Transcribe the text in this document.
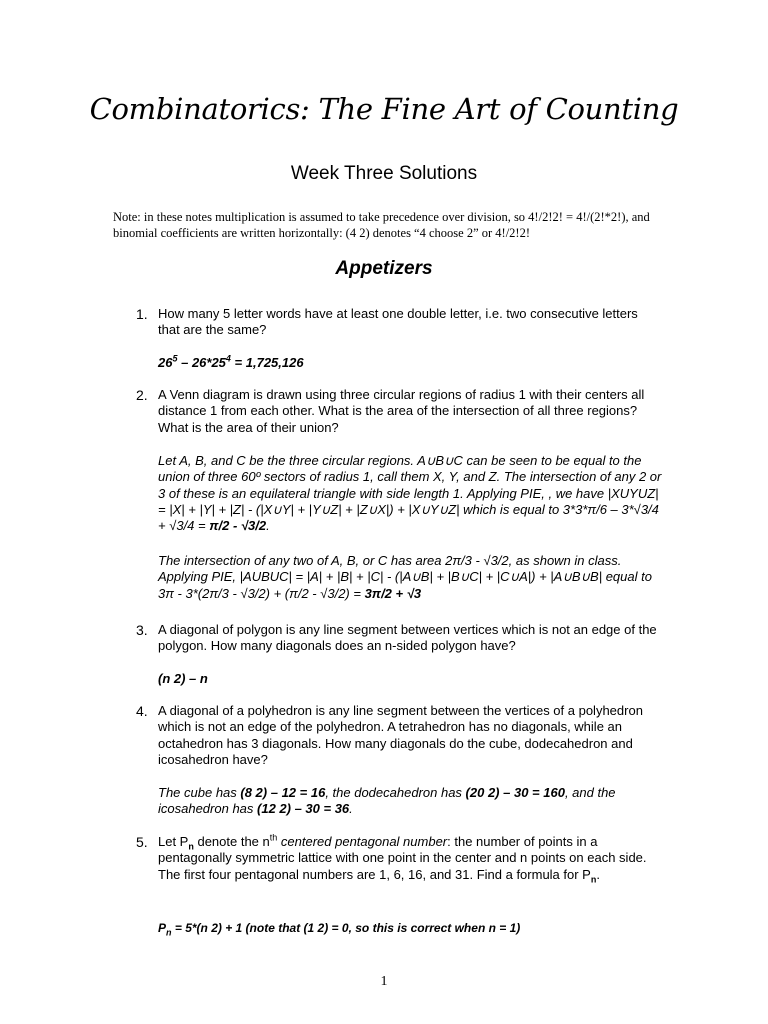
Combinatorics: The Fine Art of Counting
Week Three Solutions
Note: in these notes multiplication is assumed to take precedence over division, so 4!/2!2! = 4!/(2!*2!), and binomial coefficients are written horizontally: (4 2) denotes “4 choose 2” or 4!/2!2!
Appetizers
1. How many 5 letter words have at least one double letter, i.e. two consecutive letters that are the same?
$26^5 - 26*25^4 = 1,725,126$
2. A Venn diagram is drawn using three circular regions of radius 1 with their centers all distance 1 from each other. What is the area of the intersection of all three regions? What is the area of their union?
Let A, B, and C be the three circular regions. A∪B∪C can be seen to be equal to the union of three 60º sectors of radius 1, call them X, Y, and Z. The intersection of any 2 or 3 of these is an equilateral triangle with side length 1. Applying PIE, , we have |XUYUZ| = |X| + |Y| + |Z| - (|X∪Y| + |Y∪Z| + |Z∪X|) + |X∪Y∪Z| which is equal to 3*3*π/6 – 3*√3/4 + √3/4 = π/2 - √3/2.
The intersection of any two of A, B, or C has area 2π/3 - √3/2, as shown in class. Applying PIE, |AUBUC| = |A| + |B| + |C| - (|A∪B| + |B∪C| + |C∪A|) + |A∪B∪B| equal to 3π - 3*(2π/3 - √3/2) + (π/2 - √3/2) = 3π/2 + √3
3. A diagonal of polygon is any line segment between vertices which is not an edge of the polygon. How many diagonals does an n-sided polygon have?
(n 2) – n
4. A diagonal of a polyhedron is any line segment between the vertices of a polyhedron which is not an edge of the polyhedron. A tetrahedron has no diagonals, while an octahedron has 3 diagonals. How many diagonals do the cube, dodecahedron and icosahedron have?
The cube has (8 2) – 12 = 16, the dodecahedron has (20 2) – 30 = 160, and the icosahedron has (12 2) – 30 = 36.
5. Let $P_n$ denote the $n^{th}$ centered pentagonal number: the number of points in a pentagonally symmetric lattice with one point in the center and n points on each side. The first four pentagonal numbers are 1, 6, 16, and 31. Find a formula for $P_n$.
$P_n = 5*(n$ 2) + 1 (note that (1 2) = 0, so this is correct when n = 1)
1
